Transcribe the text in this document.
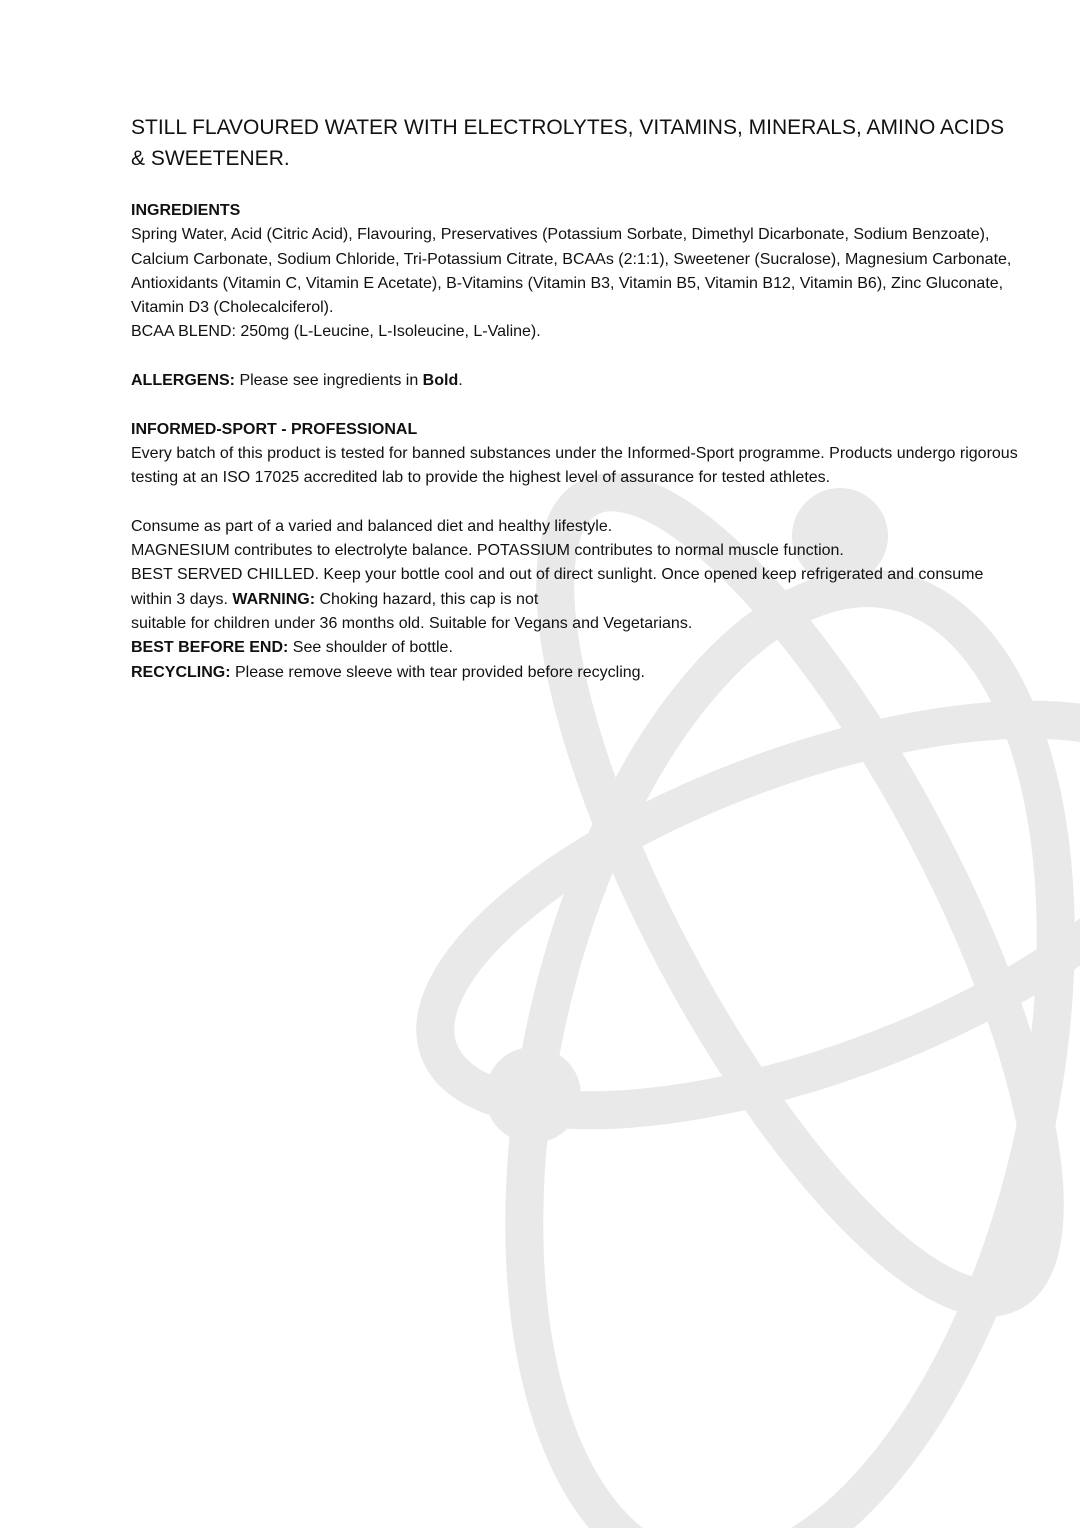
STILL FLAVOURED WATER WITH ELECTROLYTES, VITAMINS, MINERALS, AMINO ACIDS & SWEETENER.

INGREDIENTS

Spring Water, Acid (Citric Acid), Flavouring, Preservatives (Potassium Sorbate, Dimethyl Dicarbonate, Sodium Benzoate), Calcium Carbonate, Sodium Chloride, Tri-Potassium Citrate, BCAAs (2:1:1), Sweetener (Sucralose), Magnesium Carbonate, Antioxidants (Vitamin C, Vitamin E Acetate), B-Vitamins (Vitamin B3, Vitamin B5, Vitamin B12, Vitamin B6), Zinc Gluconate, Vitamin D3 (Cholecalciferol).

BCAA BLEND: 250mg (L-Leucine, L-Isoleucine, L-Valine).

ALLERGENS: Please see ingredients in Bold.

INFORMED-SPORT - PROFESSIONAL

Every batch of this product is tested for banned substances under the Informed-Sport programme. Products undergo rigorous testing at an ISO 17025 accredited lab to provide the highest level of assurance for tested athletes.

Consume as part of a varied and balanced diet and healthy lifestyle.

MAGNESIUM contributes to electrolyte balance. POTASSIUM contributes to normal muscle function.

BEST SERVED CHILLED. Keep your bottle cool and out of direct sunlight. Once opened keep refrigerated and consume within 3 days. WARNING: Choking hazard, this cap is not

suitable for children under 36 months old. Suitable for Vegans and Vegetarians.

BEST BEFORE END: See shoulder of bottle.

RECYCLING: Please remove sleeve with tear provided before recycling.
